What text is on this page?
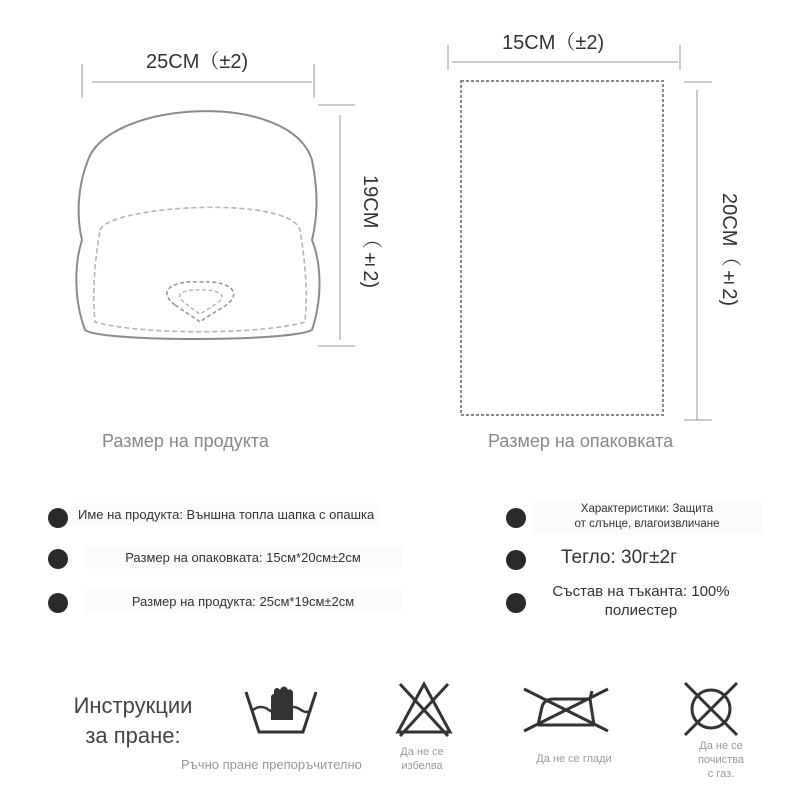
25CM（±2)
19CM（±2)
Размер на продукта
15CM（±2)
20CM（±2)
Размер на опаковката
Име на продукта: Външна топла шапка с опашка
Размер на опаковката: 15см*20см±2см
Размер на продукта: 25см*19см±2см
Характеристики: Защита
от слънце, влагоизвличане
Тегло: 30г±2г
Състав на тъканта: 100%
полиестер
Инструкции
за пране:
Ръчно пране препоръчително
Да не се
избелва
Да не се глади
Да не се
почиства
с газ.
